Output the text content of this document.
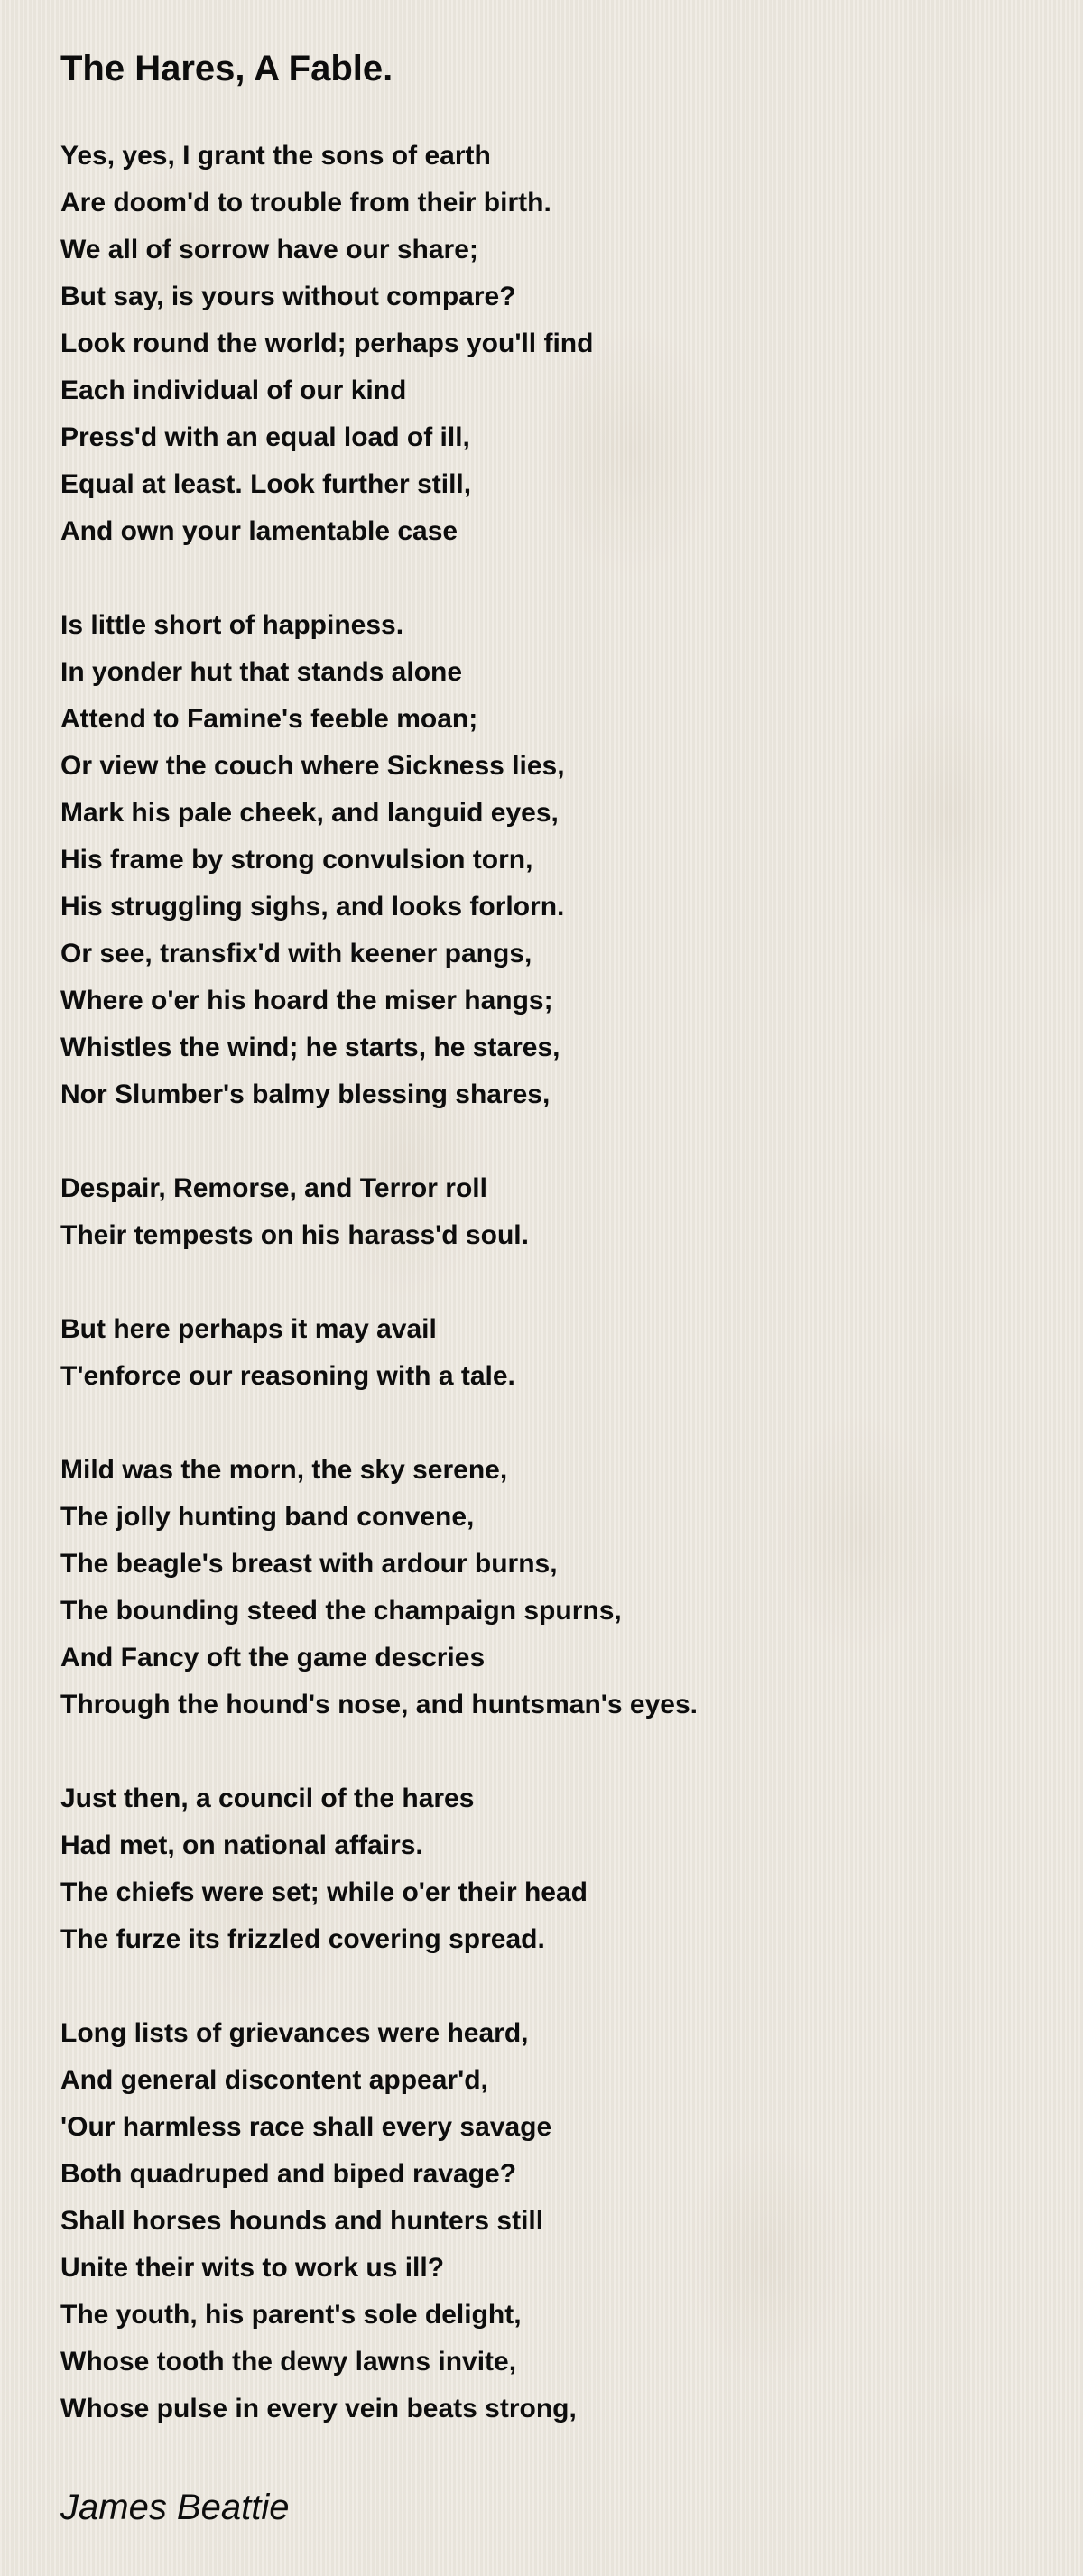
The Hares, A Fable.
Yes, yes, I grant the sons of earth
Are doom'd to trouble from their birth.
We all of sorrow have our share;
But say, is yours without compare?
Look round the world; perhaps you'll find
Each individual of our kind
Press'd with an equal load of ill,
Equal at least. Look further still,
And own your lamentable case
Is little short of happiness.
In yonder hut that stands alone
Attend to Famine's feeble moan;
Or view the couch where Sickness lies,
Mark his pale cheek, and languid eyes,
His frame by strong convulsion torn,
His struggling sighs, and looks forlorn.
Or see, transfix'd with keener pangs,
Where o'er his hoard the miser hangs;
Whistles the wind; he starts, he stares,
Nor Slumber's balmy blessing shares,
Despair, Remorse, and Terror roll
Their tempests on his harass'd soul.
But here perhaps it may avail
T'enforce our reasoning with a tale.
Mild was the morn, the sky serene,
The jolly hunting band convene,
The beagle's breast with ardour burns,
The bounding steed the champaign spurns,
And Fancy oft the game descries
Through the hound's nose, and huntsman's eyes.
Just then, a council of the hares
Had met, on national affairs.
The chiefs were set; while o'er their head
The furze its frizzled covering spread.
Long lists of grievances were heard,
And general discontent appear'd,
'Our harmless race shall every savage
Both quadruped and biped ravage?
Shall horses hounds and hunters still
Unite their wits to work us ill?
The youth, his parent's sole delight,
Whose tooth the dewy lawns invite,
Whose pulse in every vein beats strong,
James Beattie
